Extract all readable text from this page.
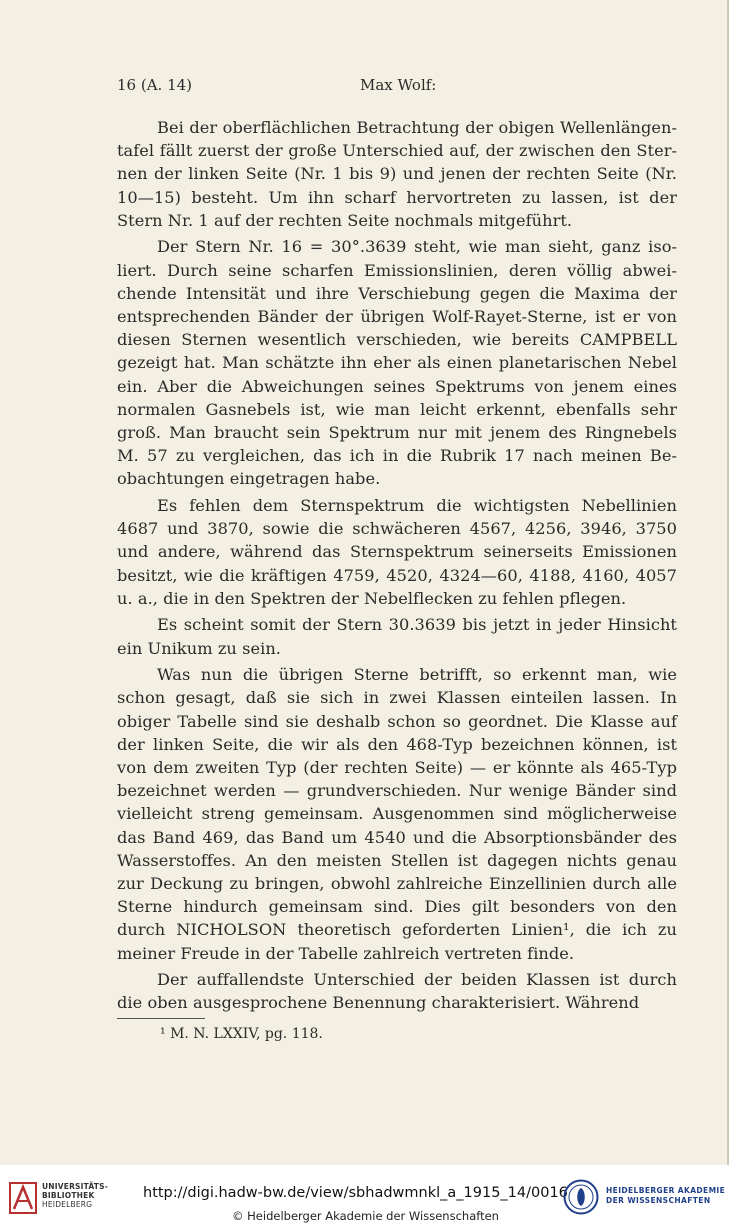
16 (A. 14)	Max Wolf:

Bei der oberflächlichen Betrachtung der obigen Wellenlängentafel fällt zuerst der große Unterschied auf, der zwischen den Sternen der linken Seite (Nr. 1 bis 9) und jenen der rechten Seite (Nr. 10—15) besteht. Um ihn scharf hervortreten zu lassen, ist der Stern Nr. 1 auf der rechten Seite nochmals mitgeführt.

Der Stern Nr. 16 = 30°.3639 steht, wie man sieht, ganz isoliert. Durch seine scharfen Emissionslinien, deren völlig abweichende Intensität und ihre Verschiebung gegen die Maxima der entsprechenden Bänder der übrigen Wolf-Rayet-Sterne, ist er von diesen Sternen wesentlich verschieden, wie bereits CAMPBELL gezeigt hat. Man schätzte ihn eher als einen planetarischen Nebel ein. Aber die Abweichungen seines Spektrums von jenem eines normalen Gasnebels ist, wie man leicht erkennt, ebenfalls sehr groß. Man braucht sein Spektrum nur mit jenem des Ringnebels M. 57 zu vergleichen, das ich in die Rubrik 17 nach meinen Beobachtungen eingetragen habe.

Es fehlen dem Sternspektrum die wichtigsten Nebellinien 4687 und 3870, sowie die schwächeren 4567, 4256, 3946, 3750 und andere, während das Sternspektrum seinerseits Emissionen besitzt, wie die kräftigen 4759, 4520, 4324—60, 4188, 4160, 4057 u. a., die in den Spektren der Nebelflecken zu fehlen pflegen.

Es scheint somit der Stern 30.3639 bis jetzt in jeder Hinsicht ein Unikum zu sein.

Was nun die übrigen Sterne betrifft, so erkennt man, wie schon gesagt, daß sie sich in zwei Klassen einteilen lassen. In obiger Tabelle sind sie deshalb schon so geordnet. Die Klasse auf der linken Seite, die wir als den 468-Typ bezeichnen können, ist von dem zweiten Typ (der rechten Seite) — er könnte als 465-Typ bezeichnet werden — grundverschieden. Nur wenige Bänder sind vielleicht streng gemeinsam. Ausgenommen sind möglicherweise das Band 469, das Band um 4540 und die Absorptionsbänder des Wasserstoffes. An den meisten Stellen ist dagegen nichts genau zur Deckung zu bringen, obwohl zahlreiche Einzellinien durch alle Sterne hindurch gemeinsam sind. Dies gilt besonders von den durch NICHOLSON theoretisch geforderten Linien¹, die ich zu meiner Freude in der Tabelle zahlreich vertreten finde.

Der auffallendste Unterschied der beiden Klassen ist durch die oben ausgesprochene Benennung charakterisiert. Während

¹ M. N. LXXIV, pg. 118.
UNIVERSITÄTS-
BIBLIOTHEK
HEIDELBERG
http://digi.hadw-bw.de/view/sbhadwmnkl_a_1915_14/0016
© Heidelberger Akademie der Wissenschaften
HEIDELBERGER AKADEMIE
DER WISSENSCHAFTEN
